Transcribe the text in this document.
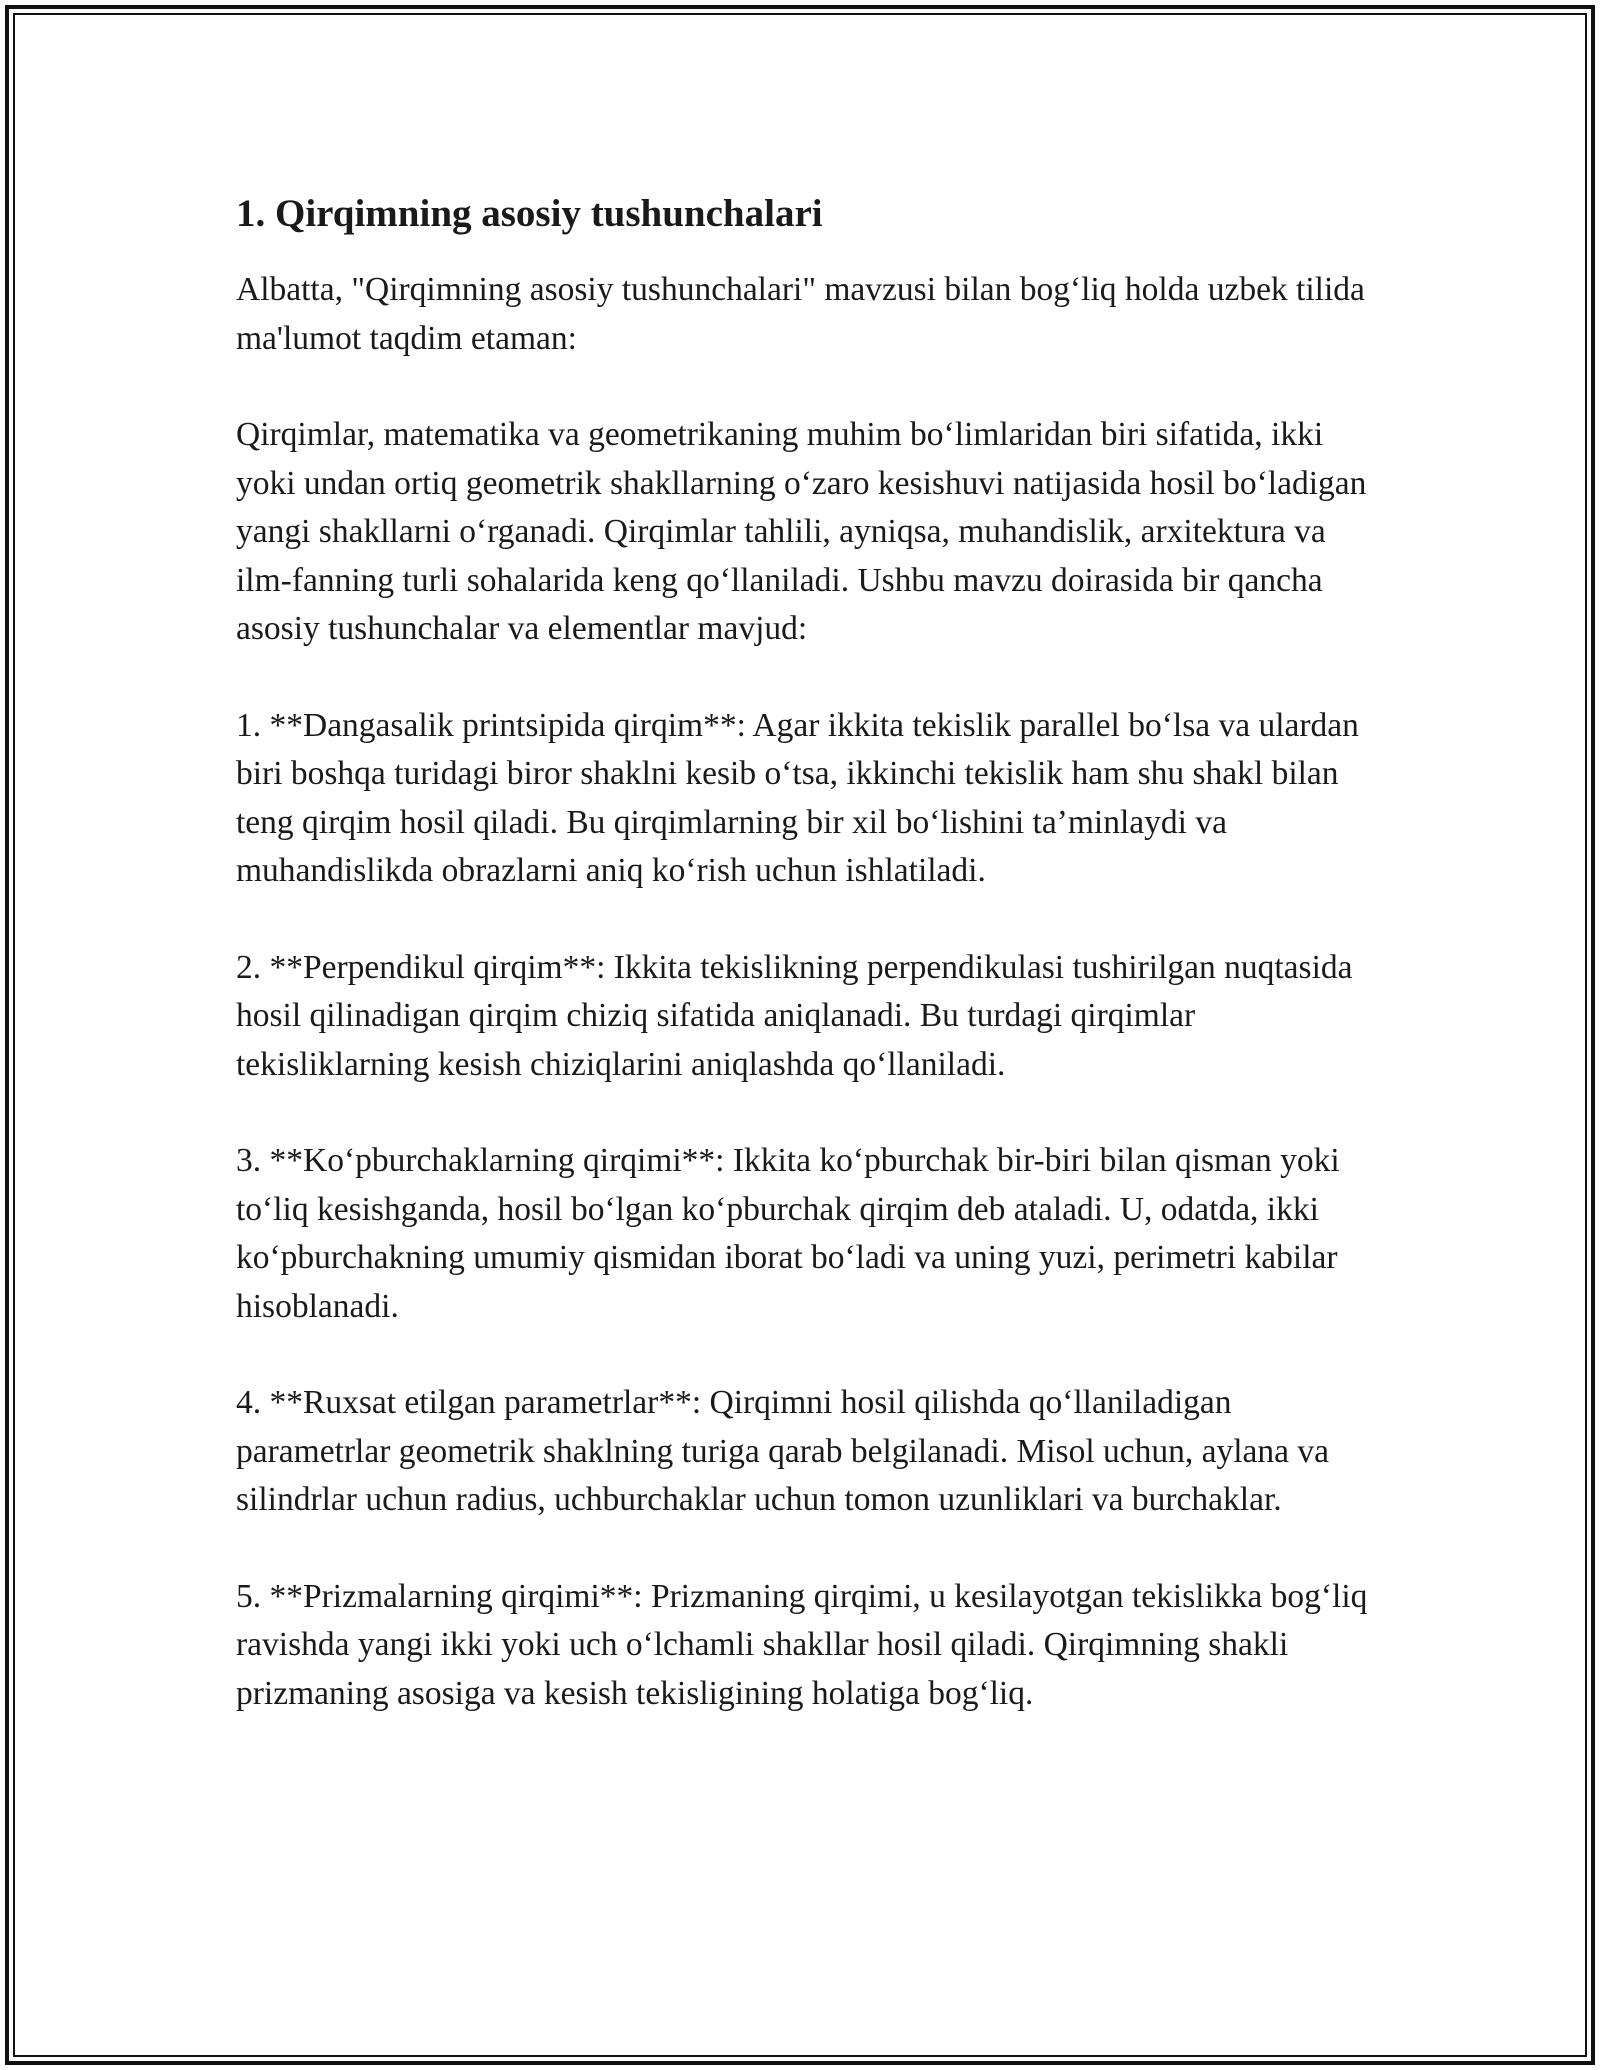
1. Qirqimning asosiy tushunchalari

Albatta, "Qirqimning asosiy tushunchalari" mavzusi bilan bog‘liq holda uzbek tilida ma'lumot taqdim etaman:

Qirqimlar, matematika va geometrikaning muhim bo‘limlaridan biri sifatida, ikki yoki undan ortiq geometrik shakllarning o‘zaro kesishuvi natijasida hosil bo‘ladigan yangi shakllarni o‘rganadi. Qirqimlar tahlili, ayniqsa, muhandislik, arxitektura va ilm-fanning turli sohalarida keng qo‘llaniladi. Ushbu mavzu doirasida bir qancha asosiy tushunchalar va elementlar mavjud:

1. **Dangasalik printsipida qirqim**: Agar ikkita tekislik parallel bo‘lsa va ulardan biri boshqa turidagi biror shaklni kesib o‘tsa, ikkinchi tekislik ham shu shakl bilan teng qirqim hosil qiladi. Bu qirqimlarning bir xil bo‘lishini ta’minlaydi va muhandislikda obrazlarni aniq ko‘rish uchun ishlatiladi.

2. **Perpendikul qirqim**: Ikkita tekislikning perpendikulasi tushirilgan nuqtasida hosil qilinadigan qirqim chiziq sifatida aniqlanadi. Bu turdagi qirqimlar tekisliklarning kesish chiziqlarini aniqlashda qo‘llaniladi.

3. **Ko‘pburchaklarning qirqimi**: Ikkita ko‘pburchak bir-biri bilan qisman yoki to‘liq kesishganda, hosil bo‘lgan ko‘pburchak qirqim deb ataladi. U, odatda, ikki ko‘pburchakning umumiy qismidan iborat bo‘ladi va uning yuzi, perimetri kabilar hisoblanadi.

4. **Ruxsat etilgan parametrlar**: Qirqimni hosil qilishda qo‘llaniladigan parametrlar geometrik shaklning turiga qarab belgilanadi. Misol uchun, aylana va silindrlar uchun radius, uchburchaklar uchun tomon uzunliklari va burchaklar.

5. **Prizmalarning qirqimi**: Prizmaning qirqimi, u kesilayotgan tekislikka bog‘liq ravishda yangi ikki yoki uch o‘lchamli shakllar hosil qiladi. Qirqimning shakli prizmaning asosiga va kesish tekisligining holatiga bog‘liq.
